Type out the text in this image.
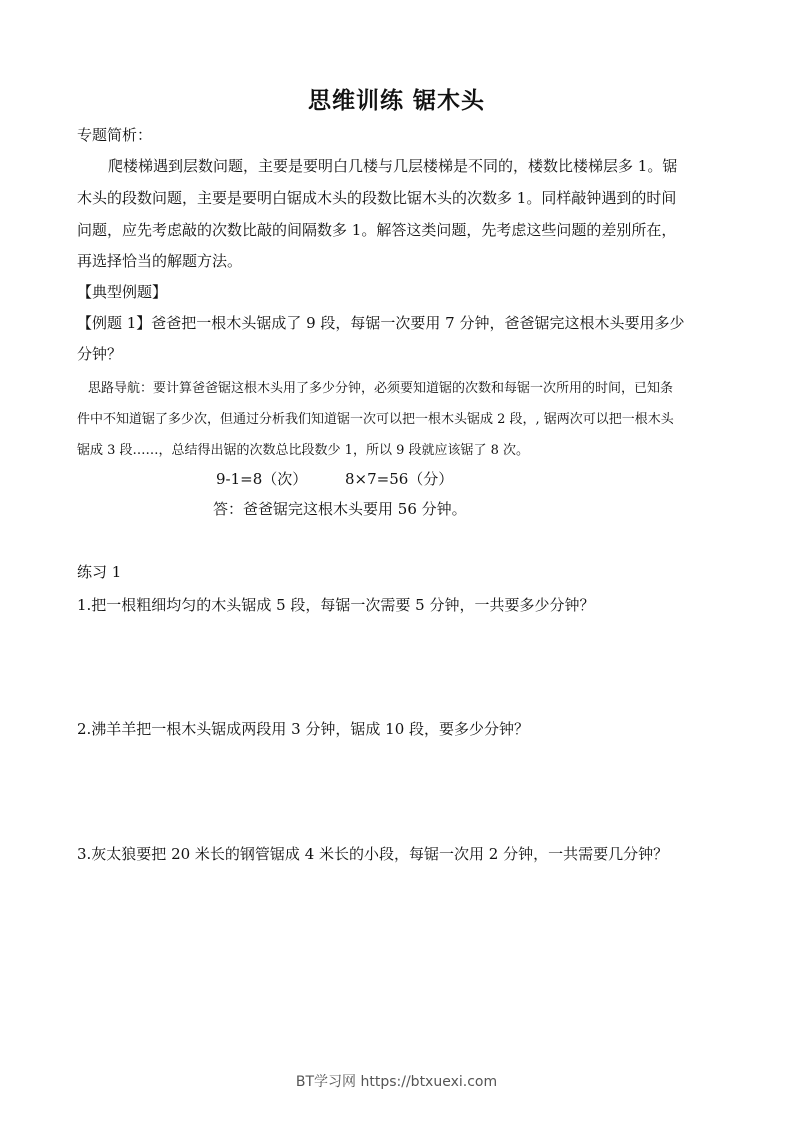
思维训练 锯木头
专题简析：
爬楼梯遇到层数问题，主要是要明白几楼与几层楼梯是不同的，楼数比楼梯层多 1。锯
木头的段数问题，主要是要明白锯成木头的段数比锯木头的次数多 1。同样敲钟遇到的时间
问题，应先考虑敲的次数比敲的间隔数多 1。解答这类问题，先考虑这些问题的差别所在，
再选择恰当的解题方法。
【典型例题】
【例题 1】爸爸把一根木头锯成了 9 段，每锯一次要用 7 分钟，爸爸锯完这根木头要用多少
分钟？
思路导航：要计算爸爸锯这根木头用了多少分钟，必须要知道锯的次数和每锯一次所用的时间，已知条
件中不知道锯了多少次，但通过分析我们知道锯一次可以把一根木头锯成 2 段，, 锯两次可以把一根木头
锯成 3 段……，总结得出锯的次数总比段数少 1，所以 9 段就应该锯了 8 次。
9-1=8（次）	8×7=56（分）
答：爸爸锯完这根木头要用 56 分钟。
练习 1
1.把一根粗细均匀的木头锯成 5 段，每锯一次需要 5 分钟，一共要多少分钟？
2.沸羊羊把一根木头锯成两段用 3 分钟，锯成 10 段，要多少分钟？
3.灰太狼要把 20 米长的钢管锯成 4 米长的小段，每锯一次用 2 分钟，一共需要几分钟？
BT学习网 https://btxuexi.com
